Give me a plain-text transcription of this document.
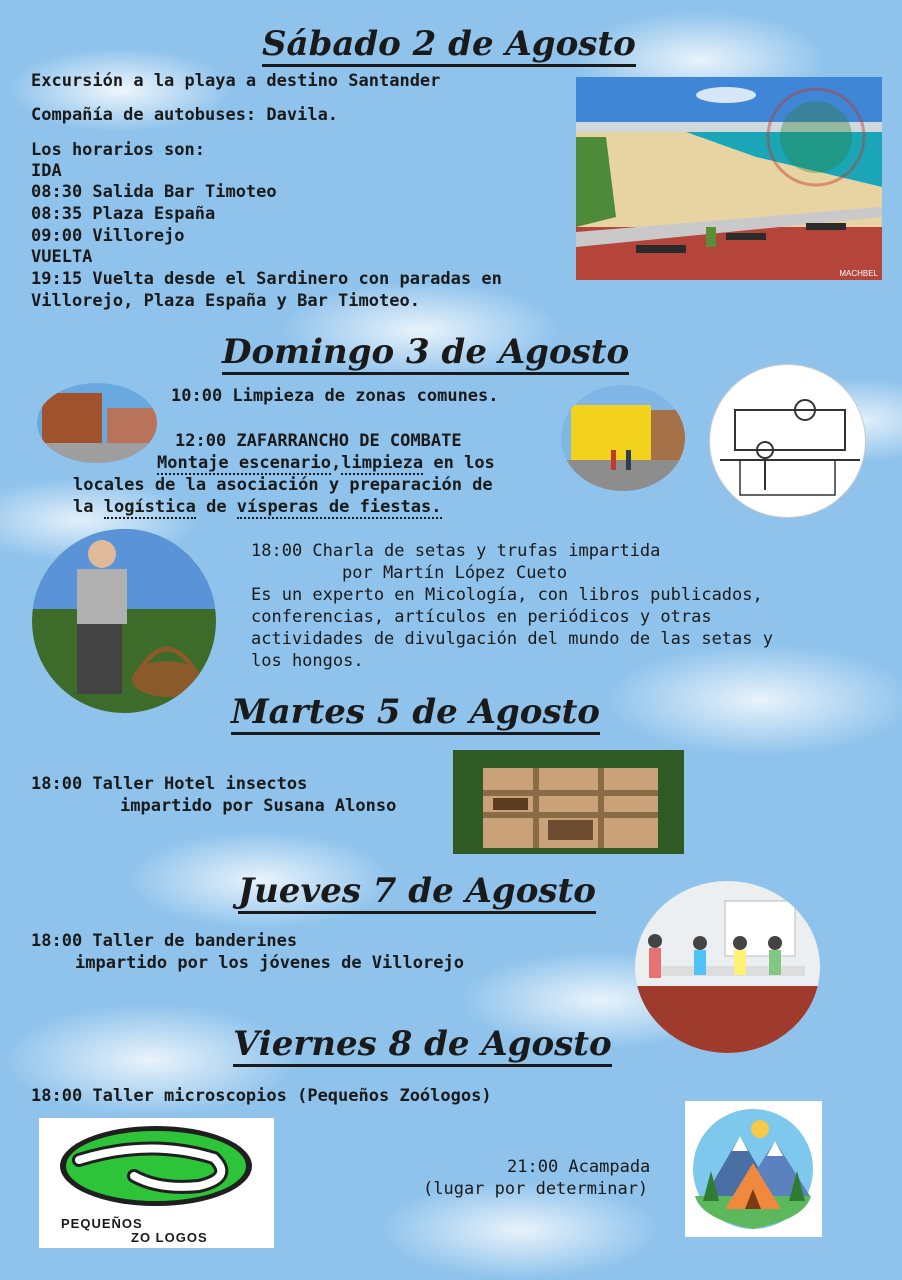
Sábado 2 de Agosto
Excursión a la playa a destino Santander
Compañía de autobuses: Davila.
Los horarios son:
IDA
08:30 Salida Bar Timoteo
08:35 Plaza España
09:00 Villorejo
VUELTA
19:15 Vuelta desde el Sardinero con paradas en
Villorejo, Plaza España y Bar Timoteo.
MACHBEL
Domingo 3 de Agosto
10:00 Limpieza de zonas comunes.
12:00 ZAFARRANCHO DE COMBATE
Montaje escenario,limpieza en los
locales de la asociación y preparación de
la logística de vísperas de fiestas.
18:00 Charla de setas y trufas impartida
por Martín López Cueto
Es un experto en Micología, con libros publicados,
conferencias, artículos en periódicos y otras
actividades de divulgación del mundo de las setas y
los hongos.
Martes 5 de Agosto
18:00 Taller Hotel insectos
impartido por Susana Alonso
Jueves 7 de Agosto
18:00 Taller de banderines
impartido por los jóvenes de Villorejo
Viernes 8 de Agosto
18:00 Taller microscopios (Pequeños Zoólogos)
PEQUEÑOS
ZO LOGOS
21:00 Acampada
(lugar por determinar)
